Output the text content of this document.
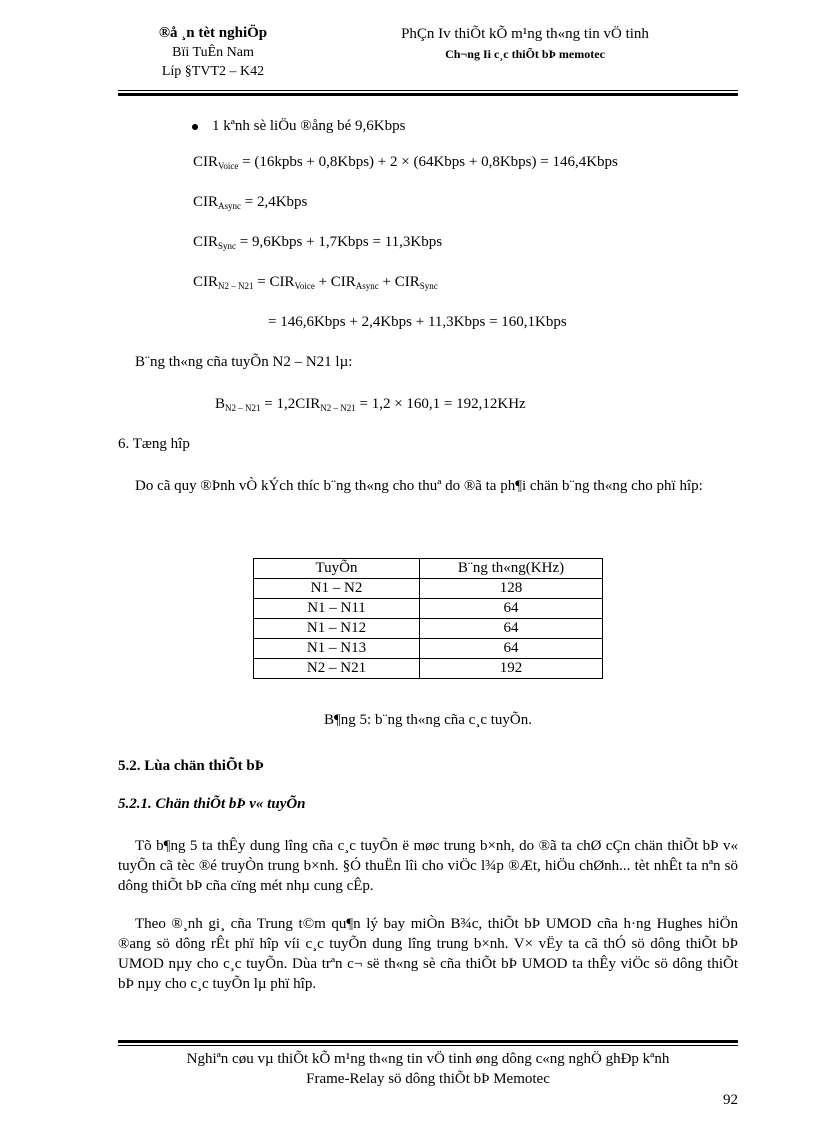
®å ¸n tèt nghiÖp
Bïi TuÊn Nam
Líp §TVT2 – K42
PhÇn Iv thiÕt kÕ m¹ng th«ng tin vÖ tinh
Ch¬ng Ii c¸c thiÕt bÞ memotec
1 kªnh sè liÖu ®ång bé 9,6Kbps
$CIR_{Voice}$ = (16kpbs + 0,8Kbps) + 2 × (64Kbps + 0,8Kbps) = 146,4Kbps
$CIR_{Async}$ = 2,4Kbps
$CIR_{Sync}$ = 9,6Kbps + 1,7Kbps = 11,3Kbps
$CIR_{N2 - N21} = CIR_{Voice} + CIR_{Async} + CIR_{Sync}$
= 146,6Kbps + 2,4Kbps + 11,3Kbps = 160,1Kbps
B¨ng th«ng cña tuyÕn N2 – N21 lµ:
$B_{N2 - N21} = 1,2CIR_{N2 - N21} = 1,2 \times 160,1 = 192,12KHz$
6. Tæng hîp
Do cã quy ®Þnh vÒ kÝch thíc b¨ng th«ng cho thuª do ®ã ta ph¶i chän b¨ng th«ng cho phï hîp:
TuyÕn	B¨ng th«ng(KHz)
N1 – N2	128
N1 – N11	64
N1 – N12	64
N1 – N13	64
N2 – N21	192
B¶ng 5: b¨ng th«ng cña c¸c tuyÕn.
5.2. Lùa chän thiÕt bÞ
5.2.1. Chän thiÕt bÞ v« tuyÕn
Tõ b¶ng 5 ta thÊy dung lîng cña c¸c tuyÕn ë møc trung b×nh, do ®ã ta chØ cÇn chän thiÕt bÞ v« tuyÕn cã tèc ®é truyÒn trung b×nh. §Ó thuËn lîi cho viÖc l¾p ®Æt, hiÖu chØnh... tèt nhÊt ta nªn sö dông thiÕt bÞ cña cïng mét nhµ cung cÊp.
Theo ®¸nh gi¸ cña Trung t©m qu¶n lý bay miÒn B¾c, thiÕt bÞ UMOD cña h·ng Hughes hiÖn ®ang sö dông rÊt phï hîp víi c¸c tuyÕn dung lîng trung b×nh. V× vËy ta cã thÓ sö dông thiÕt bÞ UMOD nµy cho c¸c tuyÕn. Dùa trªn c¬ së th«ng sè cña thiÕt bÞ UMOD ta thÊy viÖc sö dông thiÕt bÞ nµy cho c¸c tuyÕn lµ phï hîp.
Nghiªn cøu vµ thiÕt kÕ m¹ng th«ng tin vÖ tinh øng dông c«ng nghÖ ghÐp kªnh
Frame-Relay sö dông thiÕt bÞ Memotec
92
